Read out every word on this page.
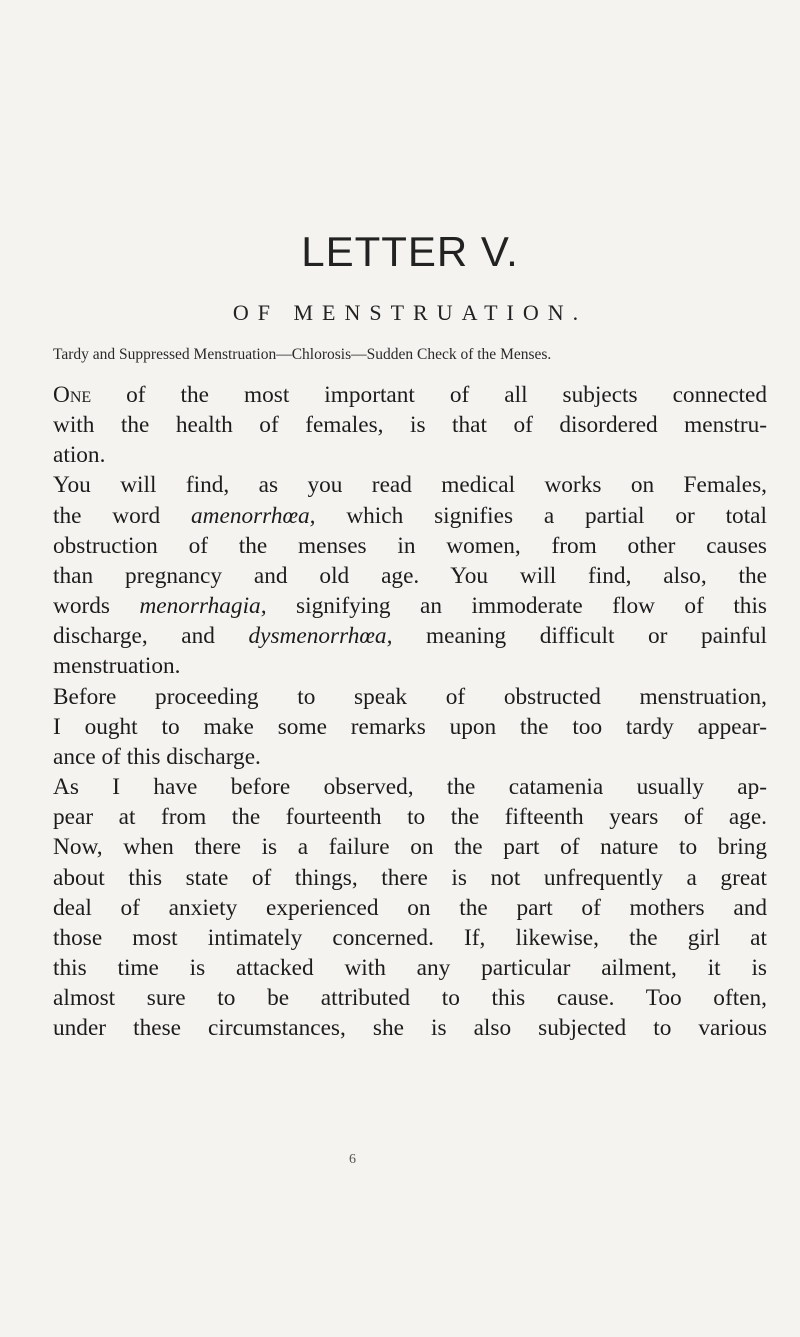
LETTER V.
OF MENSTRUATION.
Tardy and Suppressed Menstruation—Chlorosis—Sudden Check of the Menses.

One of the most important of all subjects connected
with the health of females, is that of disordered menstru-
ation.

You will find, as you read medical works on Females,
the word amenorrhœa, which signifies a partial or total
obstruction of the menses in women, from other causes
than pregnancy and old age. You will find, also, the
words menorrhagia, signifying an immoderate flow of this
discharge, and dysmenorrhœa, meaning difficult or painful
menstruation.

Before proceeding to speak of obstructed menstruation,
I ought to make some remarks upon the too tardy appear-
ance of this discharge.

As I have before observed, the catamenia usually ap-
pear at from the fourteenth to the fifteenth years of age.
Now, when there is a failure on the part of nature to bring
about this state of things, there is not unfrequently a great
deal of anxiety experienced on the part of mothers and
those most intimately concerned. If, likewise, the girl at
this time is attacked with any particular ailment, it is
almost sure to be attributed to this cause. Too often,
under these circumstances, she is also subjected to various

6
